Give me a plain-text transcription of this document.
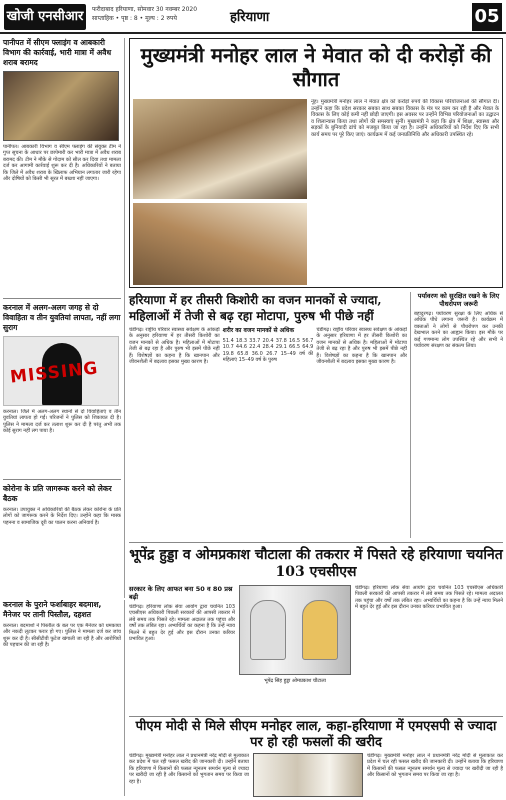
खोजी एनसीआर	फरीदाबाद हरियाणा, सोमवार 30 नवम्बर 2020
साप्ताहिक • पृष्ठ : 8 • मूल्य : 2 रुपये	हरियाणा	05
पानीपत में सीएम फ्लाइंग व आबकारी विभाग की कार्रवाई, भारी मात्रा में अवैध शराब बरामद
पानीपत। आबकारी विभाग व सीएम फ्लाइंग की संयुक्त टीम ने गुप्त सूचना के आधार पर छापेमारी कर भारी मात्रा में अवैध शराब बरामद की। टीम ने मौके से गोदाम को सील कर दिया तथा मामला दर्ज कर आगामी कार्रवाई शुरू कर दी है। अधिकारियों ने बताया कि जिले में अवैध शराब के खिलाफ अभियान लगातार जारी रहेगा और दोषियों को किसी भी सूरत में बख्शा नहीं जाएगा।
करनाल में अलग-अलग जगह से दो विवाहिता व तीन युवतियां लापता, नहीं लगा सुराग
MISSING
करनाल। जिले में अलग-अलग स्थानों से दो विवाहिताएं व तीन युवतियां लापता हो गईं। परिजनों ने पुलिस को शिकायत दी है। पुलिस ने मामला दर्ज कर तलाश शुरू कर दी है परंतु अभी तक कोई सुराग नहीं लग पाया है।
कोरोना के प्रति जागरूक करने को लेकर बैठक
करनाल। उपायुक्त ने अधिकारियों की बैठक लेकर कोरोना के प्रति लोगों को जागरूक करने के निर्देश दिए। उन्होंने कहा कि मास्क पहनना व सामाजिक दूरी का पालन करना अनिवार्य है।
मुख्यमंत्री मनोहर लाल ने मेवात को दी करोड़ों की सौगात
नूंह। मुख्यमंत्री मनोहर लाल ने मेवात क्षेत्र को करोड़ों रुपये की विकास परियोजनाओं की सौगात दी। उन्होंने कहा कि प्रदेश सरकार सबका साथ सबका विकास के मंत्र पर काम कर रही है और मेवात के विकास के लिए कोई कमी नहीं छोड़ी जाएगी। इस अवसर पर उन्होंने विभिन्न परियोजनाओं का उद्घाटन व शिलान्यास किया तथा लोगों की समस्याएं सुनीं। मुख्यमंत्री ने कहा कि क्षेत्र में शिक्षा, स्वास्थ्य और सड़कों के बुनियादी ढांचे को मजबूत किया जा रहा है। उन्होंने अधिकारियों को निर्देश दिए कि सभी कार्य समय पर पूरे किए जाएं। कार्यक्रम में कई जनप्रतिनिधि और अधिकारी उपस्थित रहे।
हरियाणा में हर तीसरी किशोरी का वजन मानकों से ज्यादा, महिलाओं में तेजी से बढ़ रहा मोटापा, पुरुष भी पीछे नहीं
चंडीगढ़। राष्ट्रीय परिवार स्वास्थ्य सर्वेक्षण के आंकड़ों के अनुसार हरियाणा में हर तीसरी किशोरी का वजन मानकों से अधिक है। महिलाओं में मोटापा तेजी से बढ़ रहा है और पुरुष भी इसमें पीछे नहीं हैं। विशेषज्ञों का कहना है कि खानपान और जीवनशैली में बदलाव इसका मुख्य कारण है।
शरीर का वजन मानकों से अधिक
51.4 18.3 33.7 20.4 37.8 16.5 56.7 10.7 44.6 22.4 28.4 29.1 66.5 64.9 19.8 65.8 36.0 26.7 15–49 वर्ष की महिलाएं 15–49 वर्ष के पुरुष
चंडीगढ़। राष्ट्रीय परिवार स्वास्थ्य सर्वेक्षण के आंकड़ों के अनुसार हरियाणा में हर तीसरी किशोरी का वजन मानकों से अधिक है। महिलाओं में मोटापा तेजी से बढ़ रहा है और पुरुष भी इसमें पीछे नहीं हैं। विशेषज्ञों का कहना है कि खानपान और जीवनशैली में बदलाव इसका मुख्य कारण है।
पर्यावरण को सुरक्षित रखने के लिए पौधरोपण जरूरी
बहादुरगढ़। पर्यावरण सुरक्षा के लिए अधिक से अधिक पौधे लगाना जरूरी है। कार्यक्रम में वक्ताओं ने लोगों से पौधरोपण कर उनकी देखभाल करने का आह्वान किया। इस मौके पर कई गणमान्य लोग उपस्थित रहे और सभी ने पर्यावरण संरक्षण का संकल्प लिया।
भूपेंद्र हुड्डा व ओमप्रकाश चौटाला की तकरार में पिसते रहे हरियाणा चयनित 103 एचसीएस
सरकार के लिए आफत बना 50 व 80 प्रश्न बढ़ी
चंडीगढ़। हरियाणा लोक सेवा आयोग द्वारा चयनित 103 एचसीएस अधिकारी पिछली सरकारों की आपसी तकरार में लंबे समय तक पिसते रहे। मामला अदालत तक पहुंचा और वर्षों तक लंबित रहा। अभ्यर्थियों का कहना है कि उन्हें न्याय मिलने में बहुत देर हुई और इस दौरान उनका करियर प्रभावित हुआ।
भूपेंद्र सिंह हुड्डा ओमप्रकाश चौटाला
चंडीगढ़। हरियाणा लोक सेवा आयोग द्वारा चयनित 103 एचसीएस अधिकारी पिछली सरकारों की आपसी तकरार में लंबे समय तक पिसते रहे। मामला अदालत तक पहुंचा और वर्षों तक लंबित रहा। अभ्यर्थियों का कहना है कि उन्हें न्याय मिलने में बहुत देर हुई और इस दौरान उनका करियर प्रभावित हुआ।
करनाल के पुराने फर्शाबाहर बदमाश, मैनेजर पर तानी पिस्तौल, दहशत
करनाल। बदमाशों ने पिस्तौल के बल पर एक मैनेजर को धमकाया और नकदी लूटकर फरार हो गए। पुलिस ने मामला दर्ज कर जांच शुरू कर दी है। सीसीटीवी फुटेज खंगाली जा रही है और आरोपियों की पहचान की जा रही है।
पीएम मोदी से मिले सीएम मनोहर लाल, कहा-हरियाणा में एमएसपी से ज्यादा पर हो रही फसलों की खरीद
चंडीगढ़। मुख्यमंत्री मनोहर लाल ने प्रधानमंत्री नरेंद्र मोदी से मुलाकात कर प्रदेश में चल रही फसल खरीद की जानकारी दी। उन्होंने बताया कि हरियाणा में किसानों की फसल न्यूनतम समर्थन मूल्य से ज्यादा पर खरीदी जा रही है और किसानों को भुगतान समय पर किया जा रहा है।
चंडीगढ़। मुख्यमंत्री मनोहर लाल ने प्रधानमंत्री नरेंद्र मोदी से मुलाकात कर प्रदेश में चल रही फसल खरीद की जानकारी दी। उन्होंने बताया कि हरियाणा में किसानों की फसल न्यूनतम समर्थन मूल्य से ज्यादा पर खरीदी जा रही है और किसानों को भुगतान समय पर किया जा रहा है।
